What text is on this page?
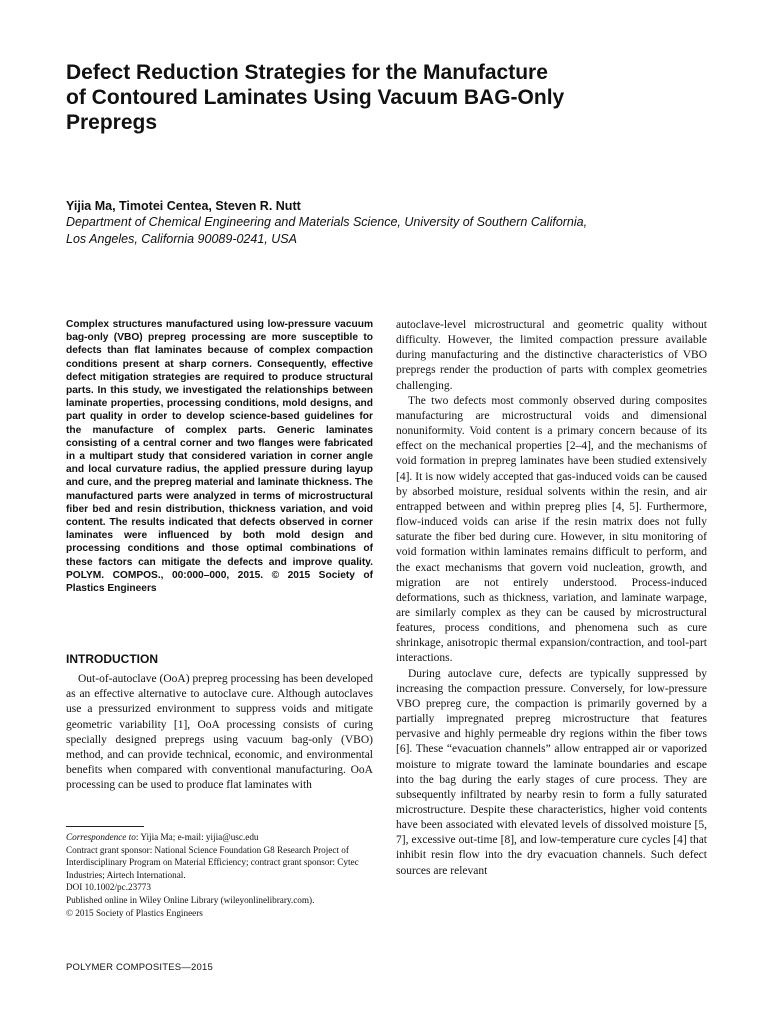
Defect Reduction Strategies for the Manufacture
of Contoured Laminates Using Vacuum BAG-Only
Prepregs
Yijia Ma, Timotei Centea, Steven R. Nutt
Department of Chemical Engineering and Materials Science, University of Southern California,
Los Angeles, California 90089-0241, USA
Complex structures manufactured using low-pressure vacuum bag-only (VBO) prepreg processing are more susceptible to defects than flat laminates because of complex compaction conditions present at sharp corners. Consequently, effective defect mitigation strategies are required to produce structural parts. In this study, we investigated the relationships between laminate properties, processing conditions, mold designs, and part quality in order to develop science-based guidelines for the manufacture of complex parts. Generic laminates consisting of a central corner and two flanges were fabricated in a multipart study that considered variation in corner angle and local curvature radius, the applied pressure during layup and cure, and the prepreg material and laminate thickness. The manufactured parts were analyzed in terms of microstructural fiber bed and resin distribution, thickness variation, and void content. The results indicated that defects observed in corner laminates were influenced by both mold design and processing conditions and those optimal combinations of these factors can mitigate the defects and improve quality. POLYM. COMPOS., 00:000–000, 2015. © 2015 Society of Plastics Engineers
INTRODUCTION

Out-of-autoclave (OoA) prepreg processing has been developed as an effective alternative to autoclave cure. Although autoclaves use a pressurized environment to suppress voids and mitigate geometric variability [1], OoA processing consists of curing specially designed prepregs using vacuum bag-only (VBO) method, and can provide technical, economic, and environmental benefits when compared with conventional manufacturing. OoA processing can be used to produce flat laminates with

Correspondence to: Yijia Ma; e-mail: yijia@usc.edu
Contract grant sponsor: National Science Foundation G8 Research Project of Interdisciplinary Program on Material Efficiency; contract grant sponsor: Cytec Industries; Airtech International.
DOI 10.1002/pc.23773
Published online in Wiley Online Library (wileyonlinelibrary.com).
© 2015 Society of Plastics Engineers
POLYMER COMPOSITES—2015

autoclave-level microstructural and geometric quality without difficulty. However, the limited compaction pressure available during manufacturing and the distinctive characteristics of VBO prepregs render the production of parts with complex geometries challenging.

The two defects most commonly observed during composites manufacturing are microstructural voids and dimensional nonuniformity. Void content is a primary concern because of its effect on the mechanical properties [2–4], and the mechanisms of void formation in prepreg laminates have been studied extensively [4]. It is now widely accepted that gas-induced voids can be caused by absorbed moisture, residual solvents within the resin, and air entrapped between and within prepreg plies [4, 5]. Furthermore, flow-induced voids can arise if the resin matrix does not fully saturate the fiber bed during cure. However, in situ monitoring of void formation within laminates remains difficult to perform, and the exact mechanisms that govern void nucleation, growth, and migration are not entirely understood. Process-induced deformations, such as thickness, variation, and laminate warpage, are similarly complex as they can be caused by microstructural features, process conditions, and phenomena such as cure shrinkage, anisotropic thermal expansion/contraction, and tool-part interactions.

During autoclave cure, defects are typically suppressed by increasing the compaction pressure. Conversely, for low-pressure VBO prepreg cure, the compaction is primarily governed by a partially impregnated prepreg microstructure that features pervasive and highly permeable dry regions within the fiber tows [6]. These “evacuation channels” allow entrapped air or vaporized moisture to migrate toward the laminate boundaries and escape into the bag during the early stages of cure process. They are subsequently infiltrated by nearby resin to form a fully saturated microstructure. Despite these characteristics, higher void contents have been associated with elevated levels of dissolved moisture [5, 7], excessive out-time [8], and low-temperature cure cycles [4] that inhibit resin flow into the dry evacuation channels. Such defect sources are relevant
